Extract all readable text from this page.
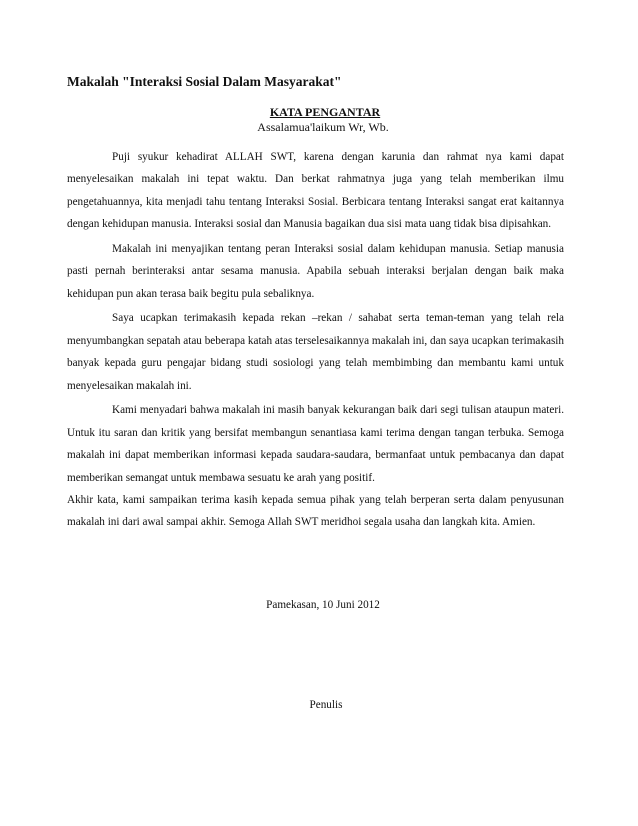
Makalah "Interaksi Sosial Dalam Masyarakat"
KATA PENGANTAR
Assalamua'laikum Wr, Wb.

Puji syukur kehadirat ALLAH SWT, karena dengan karunia dan rahmat nya kami dapat menyelesaikan makalah ini tepat waktu. Dan berkat rahmatnya juga yang telah memberikan ilmu pengetahuannya, kita menjadi tahu tentang Interaksi Sosial. Berbicara tentang Interaksi sangat erat kaitannya dengan kehidupan manusia. Interaksi sosial dan Manusia bagaikan dua sisi mata uang tidak bisa dipisahkan.

Makalah ini menyajikan tentang peran Interaksi sosial dalam kehidupan manusia. Setiap manusia pasti pernah berinteraksi antar sesama manusia. Apabila sebuah interaksi berjalan dengan baik maka kehidupan pun akan terasa baik begitu pula sebaliknya.

Saya ucapkan terimakasih kepada rekan –rekan / sahabat serta teman-teman yang telah rela menyumbangkan sepatah atau beberapa katah atas terselesaikannya makalah ini, dan saya ucapkan terimakasih banyak kepada guru pengajar bidang studi sosiologi yang telah membimbing dan membantu kami untuk menyelesaikan makalah ini.

Kami menyadari bahwa makalah ini masih banyak kekurangan baik dari segi tulisan ataupun materi. Untuk itu saran dan kritik yang bersifat membangun senantiasa kami terima dengan tangan terbuka. Semoga makalah ini dapat memberikan informasi kepada saudara-saudara, bermanfaat untuk pembacanya dan dapat memberikan semangat untuk membawa sesuatu ke arah yang positif.

Akhir kata, kami sampaikan terima kasih kepada semua pihak yang telah berperan serta dalam penyusunan makalah ini dari awal sampai akhir. Semoga Allah SWT meridhoi segala usaha dan langkah kita. Amien.

Pamekasan, 10 Juni 2012
Penulis
